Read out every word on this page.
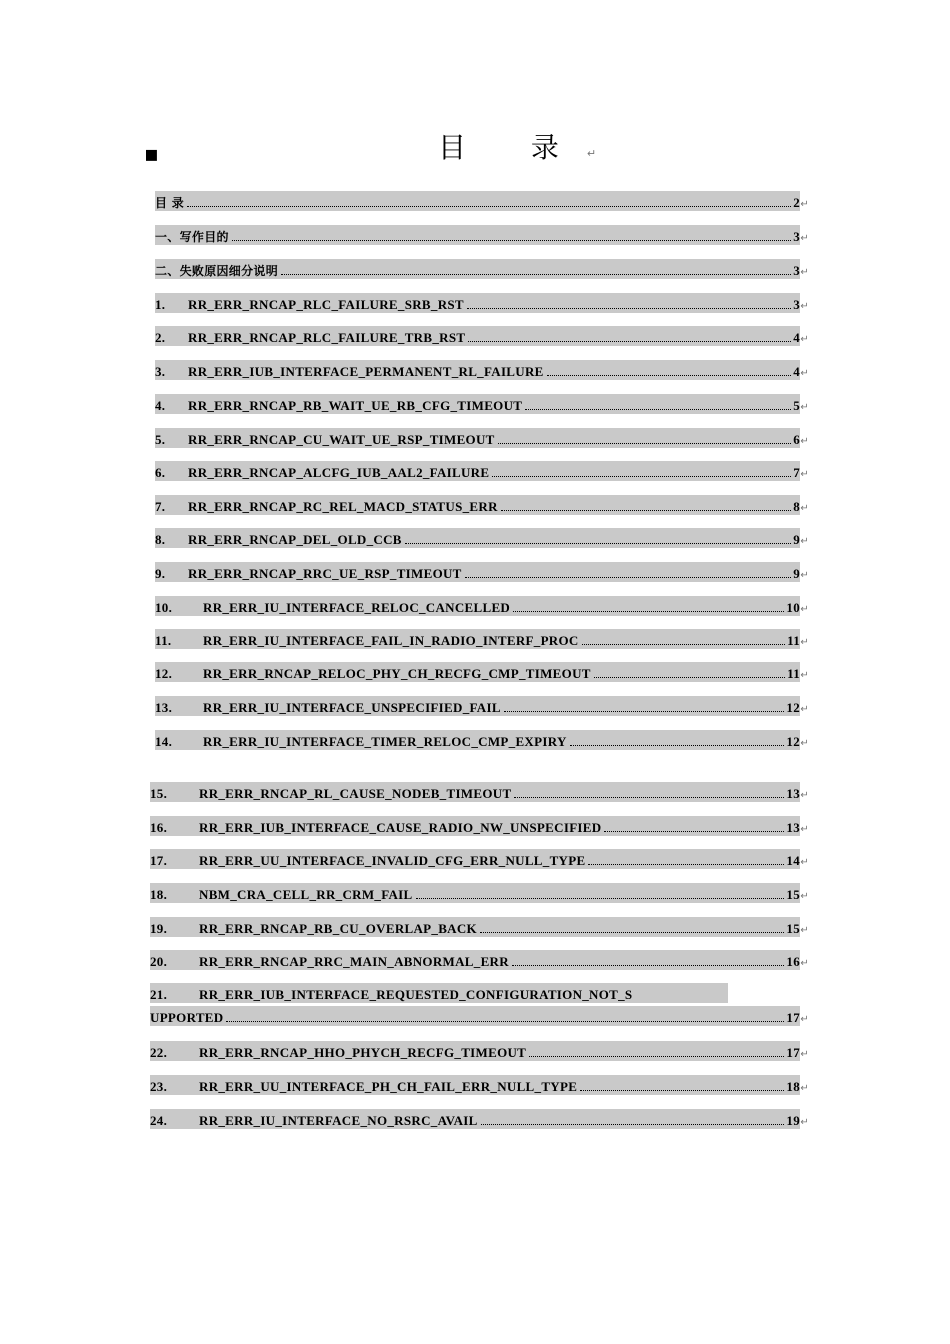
▪	目 录↵
目 录	2 ↵
一、写作目的	3 ↵
二、失败原因细分说明	3 ↵
1.	RR_ERR_RNCAP_RLC_FAILURE_SRB_RST	3 ↵
2.	RR_ERR_RNCAP_RLC_FAILURE_TRB_RST	4 ↵
3.	RR_ERR_IUB_INTERFACE_PERMANENT_RL_FAILURE	4 ↵
4.	RR_ERR_RNCAP_RB_WAIT_UE_RB_CFG_TIMEOUT	5 ↵
5.	RR_ERR_RNCAP_CU_WAIT_UE_RSP_TIMEOUT	6 ↵
6.	RR_ERR_RNCAP_ALCFG_IUB_AAL2_FAILURE	7 ↵
7.	RR_ERR_RNCAP_RC_REL_MACD_STATUS_ERR	8 ↵
8.	RR_ERR_RNCAP_DEL_OLD_CCB	9 ↵
9.	RR_ERR_RNCAP_RRC_UE_RSP_TIMEOUT	9 ↵
10.	RR_ERR_IU_INTERFACE_RELOC_CANCELLED	10 ↵
11.	RR_ERR_IU_INTERFACE_FAIL_IN_RADIO_INTERF_PROC	11 ↵
12.	RR_ERR_RNCAP_RELOC_PHY_CH_RECFG_CMP_TIMEOUT	11 ↵
13.	RR_ERR_IU_INTERFACE_UNSPECIFIED_FAIL	12 ↵
14.	RR_ERR_IU_INTERFACE_TIMER_RELOC_CMP_EXPIRY	12 ↵
15.	RR_ERR_RNCAP_RL_CAUSE_NODEB_TIMEOUT	13 ↵
16.	RR_ERR_IUB_INTERFACE_CAUSE_RADIO_NW_UNSPECIFIED	13 ↵
17.	RR_ERR_UU_INTERFACE_INVALID_CFG_ERR_NULL_TYPE	14 ↵
18.	NBM_CRA_CELL_RR_CRM_FAIL	15 ↵
19.	RR_ERR_RNCAP_RB_CU_OVERLAP_BACK	15 ↵
20.	RR_ERR_RNCAP_RRC_MAIN_ABNORMAL_ERR	16 ↵
21.	RR_ERR_IUB_INTERFACE_REQUESTED_CONFIGURATION_NOT_S
UPPORTED	17 ↵
22.	RR_ERR_RNCAP_HHO_PHYCH_RECFG_TIMEOUT	17 ↵
23.	RR_ERR_UU_INTERFACE_PH_CH_FAIL_ERR_NULL_TYPE	18 ↵
24.	RR_ERR_IU_INTERFACE_NO_RSRC_AVAIL	19 ↵
